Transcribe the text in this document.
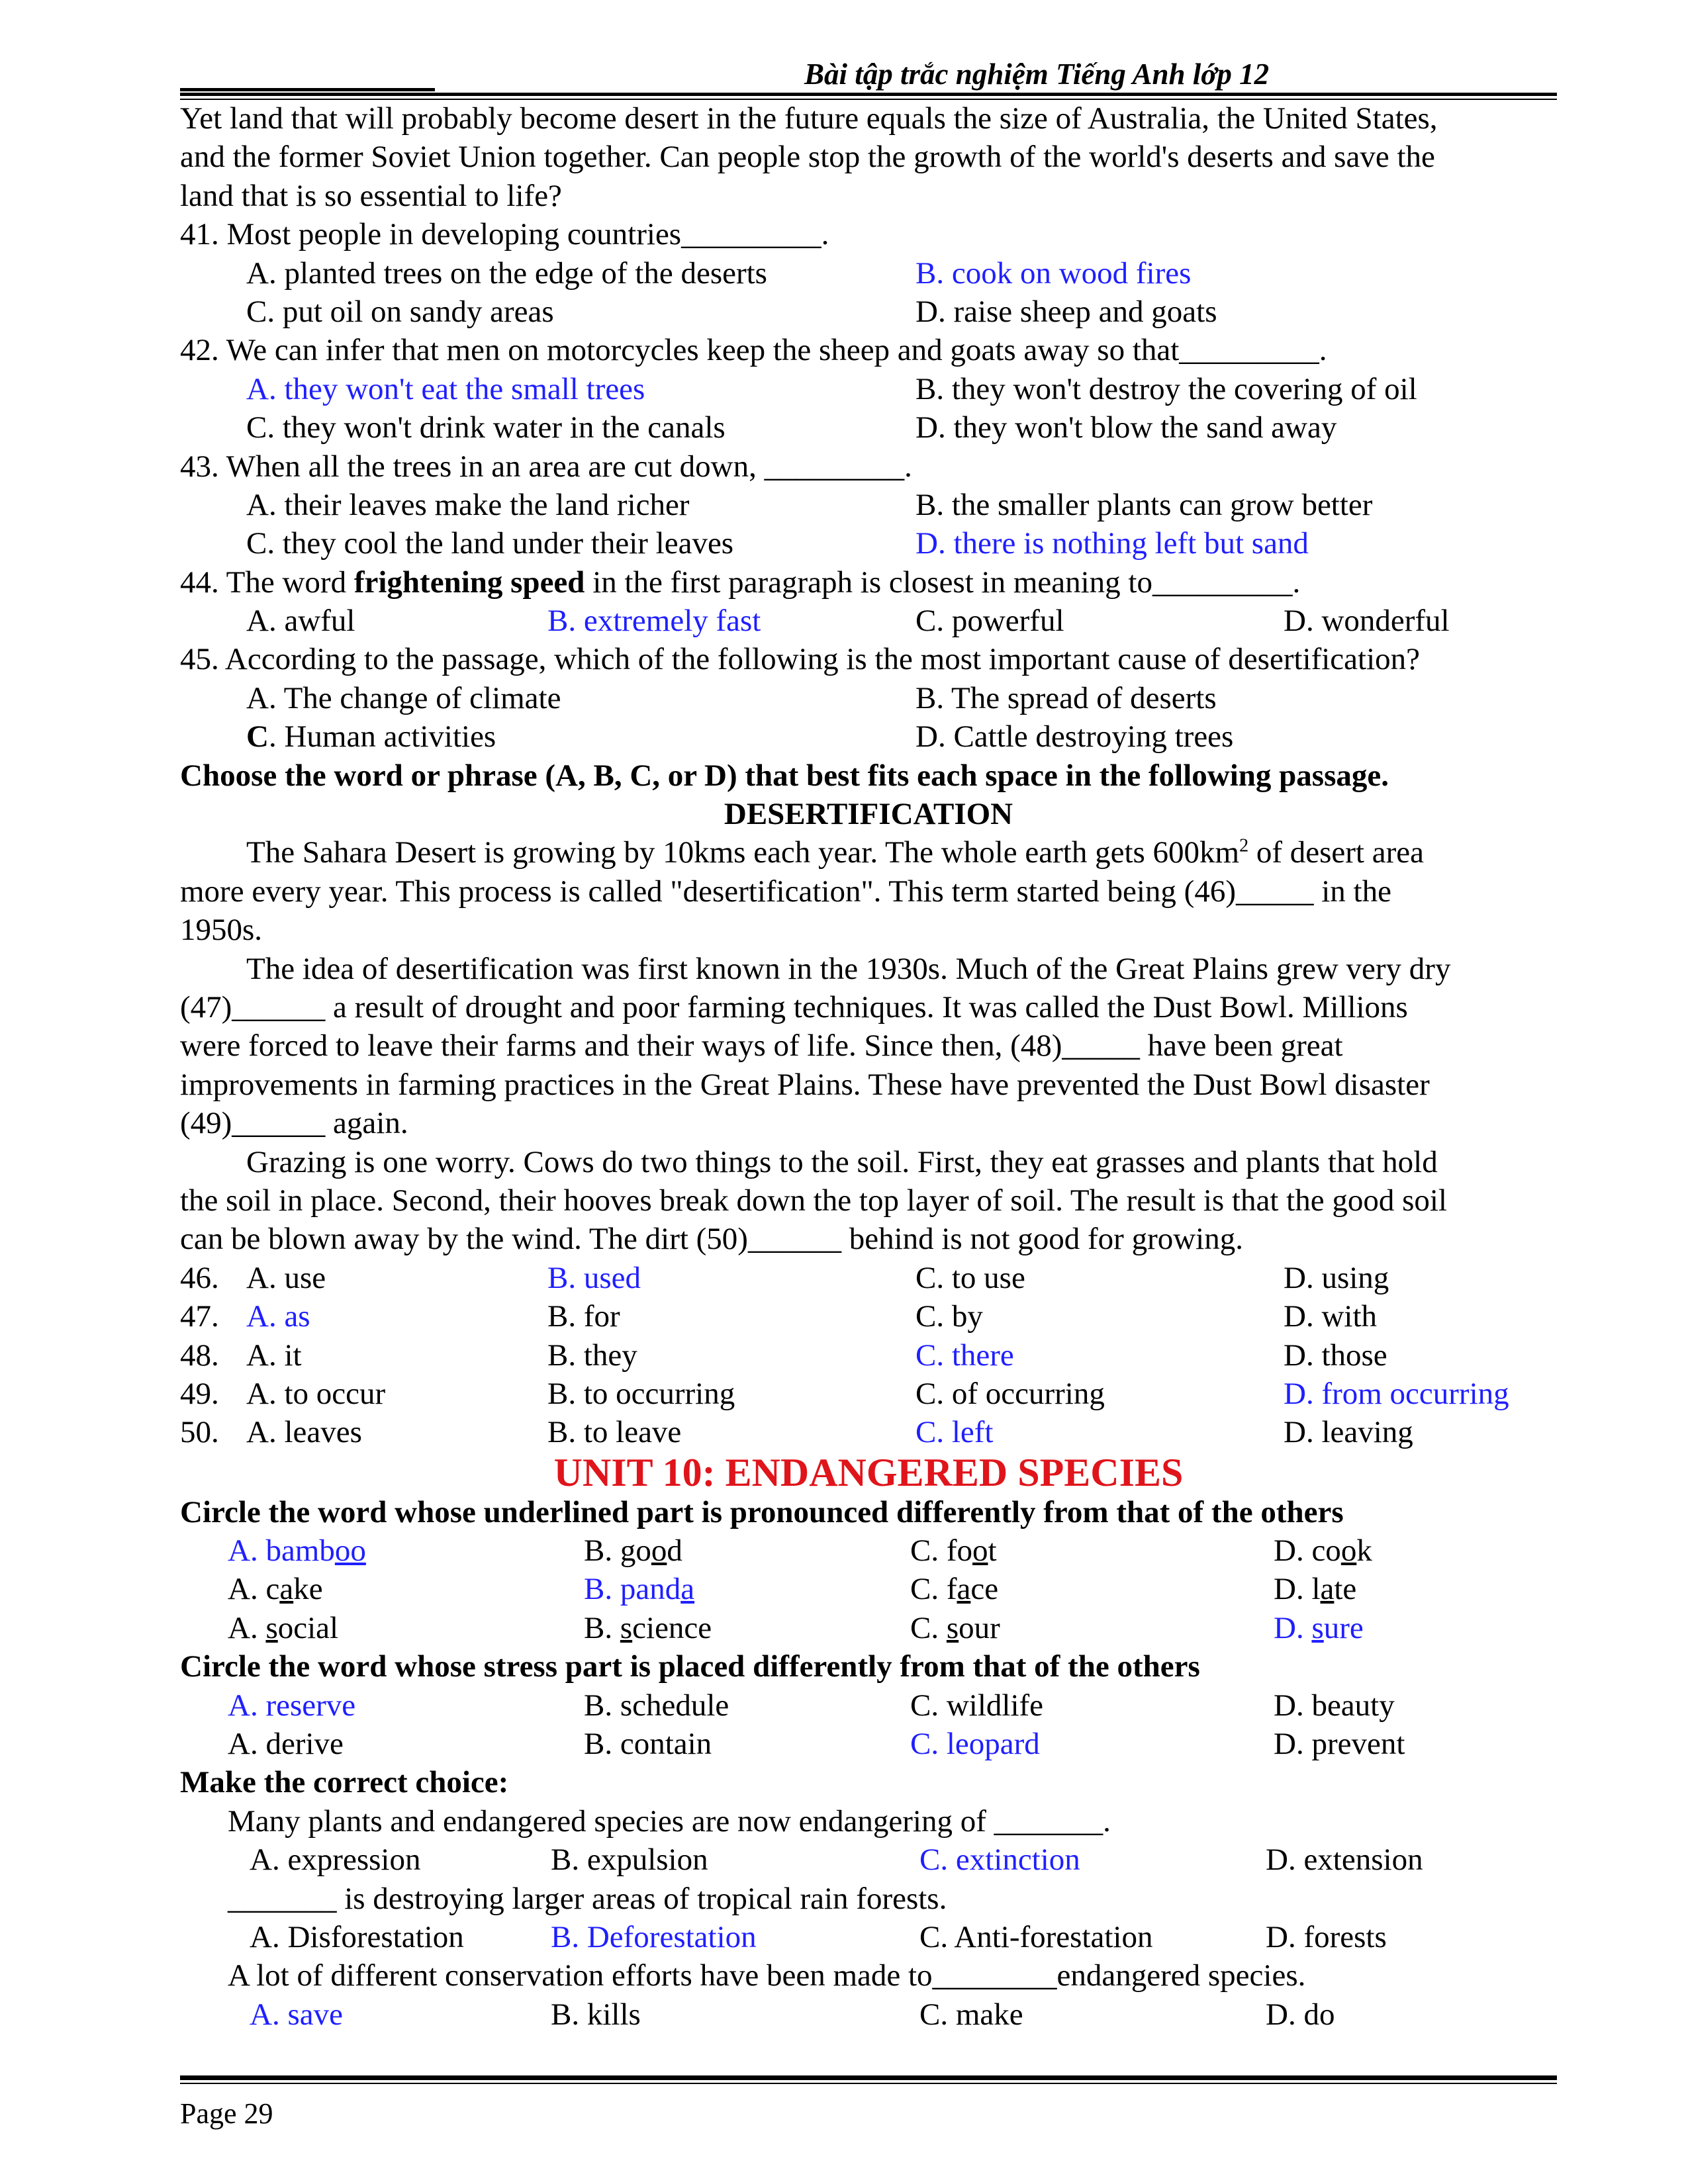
Bài tập trắc nghiệm Tiếng Anh lớp 12
Yet land that will probably become desert in the future equals the size of Australia, the United States,
and the former Soviet Union together. Can people stop the growth of the world's deserts and save the
land that is so essential to life?
41. Most people in developing countries_________.
A. planted trees on the edge of the deserts	B. cook on wood fires
C. put oil on sandy areas	D. raise sheep and goats
42. We can infer that men on motorcycles keep the sheep and goats away so that_________.
A. they won't eat the small trees	B. they won't destroy the covering of oil
C. they won't drink water in the canals	D. they won't blow the sand away
43. When all the trees in an area are cut down, _________.
A. their leaves make the land richer	B. the smaller plants can grow better
C. they cool the land under their leaves	D. there is nothing left but sand
44. The word frightening speed in the first paragraph is closest in meaning to_________.
A. awful	B. extremely fast	C. powerful	D. wonderful
45. According to the passage, which of the following is the most important cause of desertification?
A. The change of climate	B. The spread of deserts
C. Human activities	D. Cattle destroying trees
Choose the word or phrase (A, B, C, or D) that best fits each space in the following passage.
DESERTIFICATION
The Sahara Desert is growing by 10kms each year. The whole earth gets $600km^2$ of desert area
more every year. This process is called "desertification". This term started being (46)_____ in the
1950s.
The idea of desertification was first known in the 1930s. Much of the Great Plains grew very dry
(47)______ a result of drought and poor farming techniques. It was called the Dust Bowl. Millions
were forced to leave their farms and their ways of life. Since then, (48)_____ have been great
improvements in farming practices in the Great Plains. These have prevented the Dust Bowl disaster
(49)______ again.
Grazing is one worry. Cows do two things to the soil. First, they eat grasses and plants that hold
the soil in place. Second, their hooves break down the top layer of soil. The result is that the good soil
can be blown away by the wind. The dirt (50)______ behind is not good for growing.
46. A. use	B. used	C. to use	D. using
47. A. as	B. for	C. by	D. with
48. A. it	B. they	C. there	D. those
49. A. to occur	B. to occurring	C. of occurring	D. from occurring
50. A. leaves	B. to leave	C. left	D. leaving
UNIT 10: ENDANGERED SPECIES
Circle the word whose underlined part is pronounced differently from that of the others
A. bamboo	B. good	C. foot	D. cook
A. cake	B. panda	C. face	D. late
A. social	B. science	C. sour	D. sure
Circle the word whose stress part is placed differently from that of the others
A. reserve	B. schedule	C. wildlife	D. beauty
A. derive	B. contain	C. leopard	D. prevent
Make the correct choice:
Many plants and endangered species are now endangering of _______.
A. expression	B. expulsion	C. extinction	D. extension
_______ is destroying larger areas of tropical rain forests.
A. Disforestation	B. Deforestation	C. Anti-forestation	D. forests
A lot of different conservation efforts have been made to________endangered species.
A. save	B. kills	C. make	D. do
Page 29
